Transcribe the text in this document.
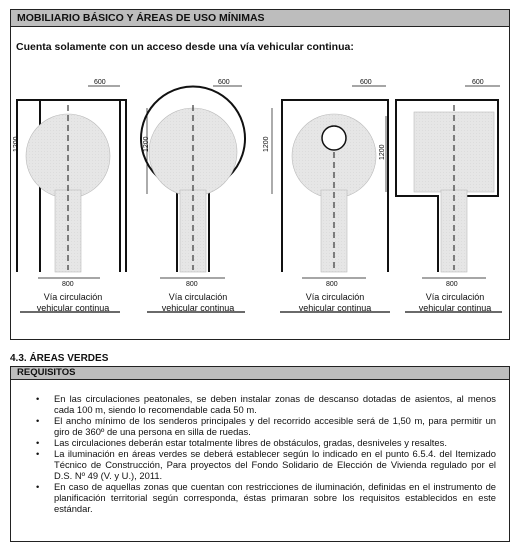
MOBILIARIO BÁSICO Y ÁREAS DE USO MÍNIMAS
Cuenta solamente con un acceso desde una vía vehicular continua:
600	600	600	600
1200	1200	1200
1200
800	800	800	800
Vía circulación
vehicular continua
Vía circulación
vehicular continua
Vía circulación
vehicular continua
Vía circulación
vehicular continua
4.3. ÁREAS VERDES
REQUISITOS
• En las circulaciones peatonales, se deben instalar zonas de descanso dotadas de asientos, al menos cada 100 m, siendo lo recomendable cada 50 m.
• El ancho mínimo de los senderos principales y del recorrido accesible será de 1,50 m, para permitir un giro de 360º de una persona en silla de ruedas.
• Las circulaciones deberán estar totalmente libres de obstáculos, gradas, desniveles y resaltes.
• La iluminación en áreas verdes se deberá establecer según lo indicado en el punto 6.5.4. del Itemizado Técnico de Construcción, Para proyectos del Fondo Solidario de Elección de Vivienda regulado por el D.S. Nº 49 (V. y U.), 2011.
• En caso de aquellas zonas que cuentan con restricciones de iluminación, definidas en el instrumento de planificación territorial según corresponda, éstas primaran sobre los requisitos establecidos en este estándar.
